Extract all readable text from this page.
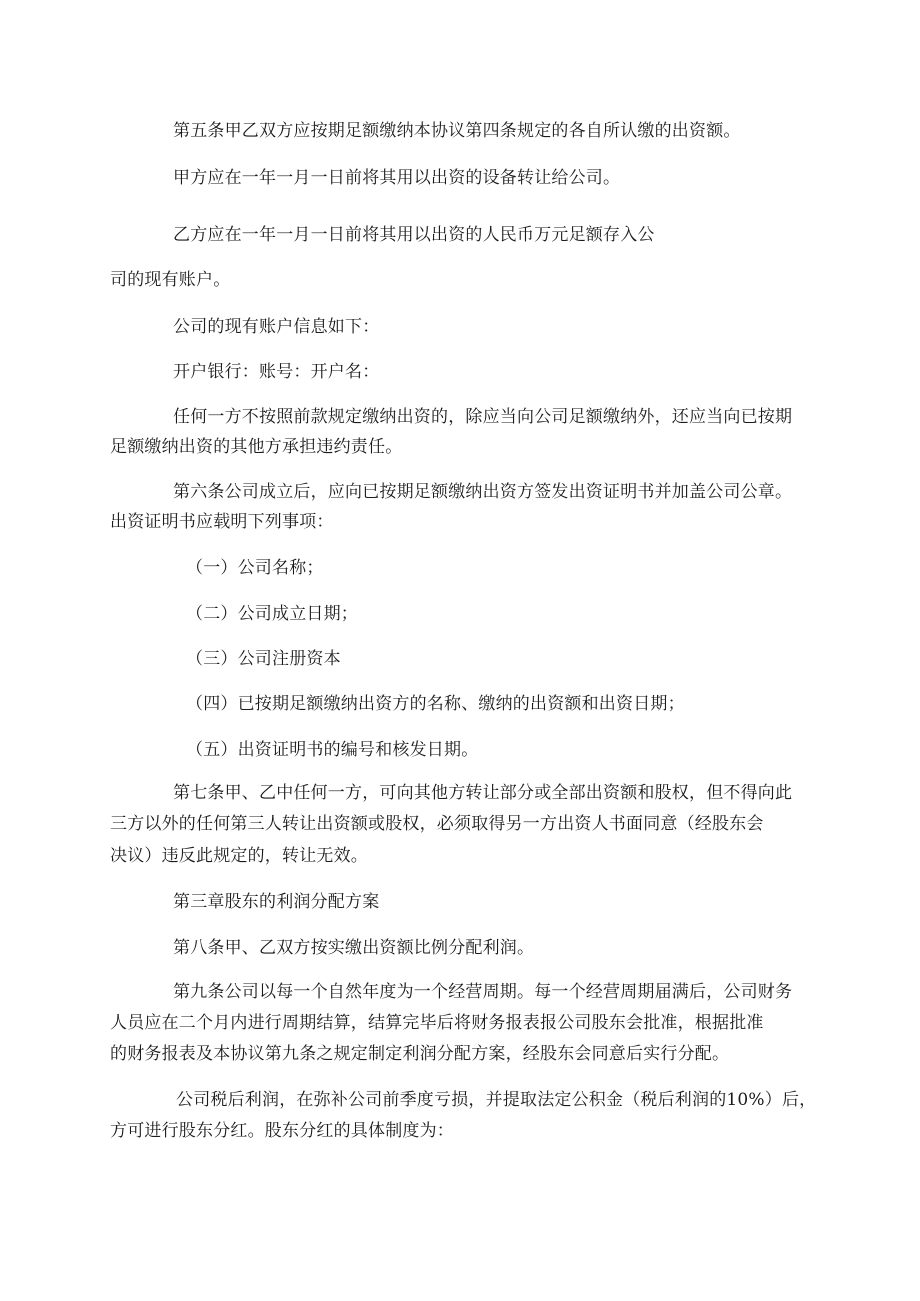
第五条甲乙双方应按期足额缴纳本协议第四条规定的各自所认缴的出资额。
甲方应在一年一月一日前将其用以出资的设备转让给公司。
乙方应在一年一月一日前将其用以出资的人民币万元足额存入公
司的现有账户。
公司的现有账户信息如下：
开户银行：账号：开户名：
任何一方不按照前款规定缴纳出资的，除应当向公司足额缴纳外，还应当向已按期
足额缴纳出资的其他方承担违约责任。
第六条公司成立后，应向已按期足额缴纳出资方签发出资证明书并加盖公司公章。
出资证明书应载明下列事项：
（一）公司名称；
（二）公司成立日期；
（三）公司注册资本
（四）已按期足额缴纳出资方的名称、缴纳的出资额和出资日期；
（五）出资证明书的编号和核发日期。
第七条甲、乙中任何一方，可向其他方转让部分或全部出资额和股权，但不得向此
三方以外的任何第三人转让出资额或股权，必须取得另一方出资人书面同意（经股东会
决议）违反此规定的，转让无效。
第三章股东的利润分配方案
第八条甲、乙双方按实缴出资额比例分配利润。
第九条公司以每一个自然年度为一个经营周期。每一个经营周期届满后，公司财务
人员应在二个月内进行周期结算，结算完毕后将财务报表报公司股东会批准，根据批准
的财务报表及本协议第九条之规定制定利润分配方案，经股东会同意后实行分配。
公司税后利润，在弥补公司前季度亏损，并提取法定公积金（税后利润的10%）后，
方可进行股东分红。股东分红的具体制度为：
